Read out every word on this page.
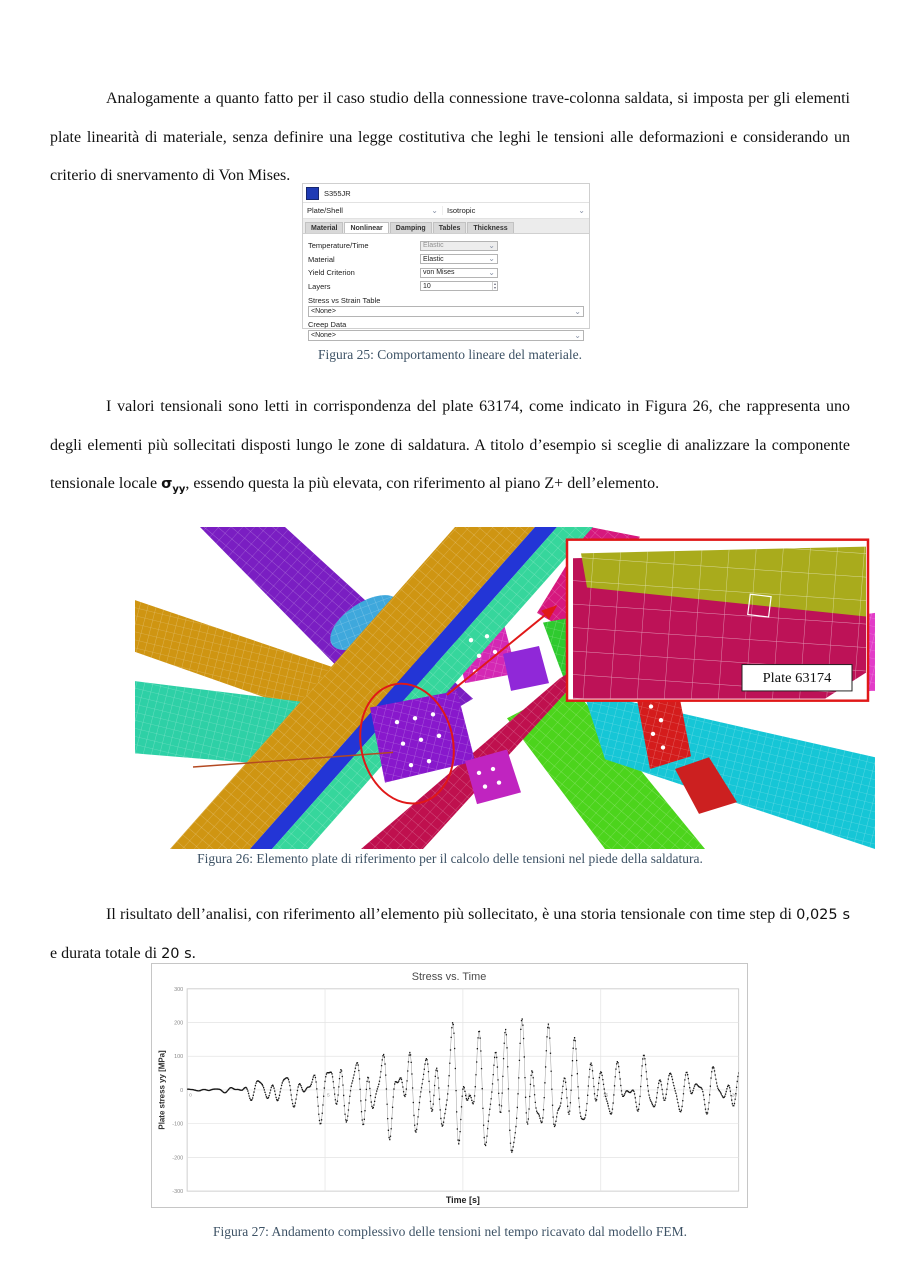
Analogamente a quanto fatto per il caso studio della connessione trave-colonna saldata, si imposta per gli elementi plate linearità di materiale, senza definire una legge costitutiva che leghi le tensioni alle deformazioni e considerando un criterio di snervamento di Von Mises.

S355JR
Plate/Shell	⌄ Isotropic	⌄
Material	Nonlinear	Damping	Tables	Thickness
Temperature/Time	Elastic	⌄
Material	Elastic	⌄
Yield Criterion	von Mises	⌄
Layers	10	▴
▾
Stress vs Strain Table
<None>	⌄
Creep Data
<None>	⌄
Figura 25: Comportamento lineare del materiale.

I valori tensionali sono letti in corrispondenza del plate 63174, come indicato in Figura 26, che rappresenta uno degli elementi più sollecitati disposti lungo le zone di saldatura. A titolo d’esempio si sceglie di analizzare la componente tensionale locale $\sigma_{yy}$, essendo questa la più elevata, con riferimento al piano Z+ dell’elemento.

Plate 63174
Figura 26: Elemento plate di riferimento per il calcolo delle tensioni nel piede della saldatura.

Il risultato dell’analisi, con riferimento all’elemento più sollecitato, è una storia tensionale con time step di 0,025 s e durata totale di 20 s.

Stress vs. Time
Plate stress yy [MPa]
Time [s]
300
200
100
0
-100
-200
-300
0	5	10	15	20
Figura 27: Andamento complessivo delle tensioni nel tempo ricavato dal modello FEM.
